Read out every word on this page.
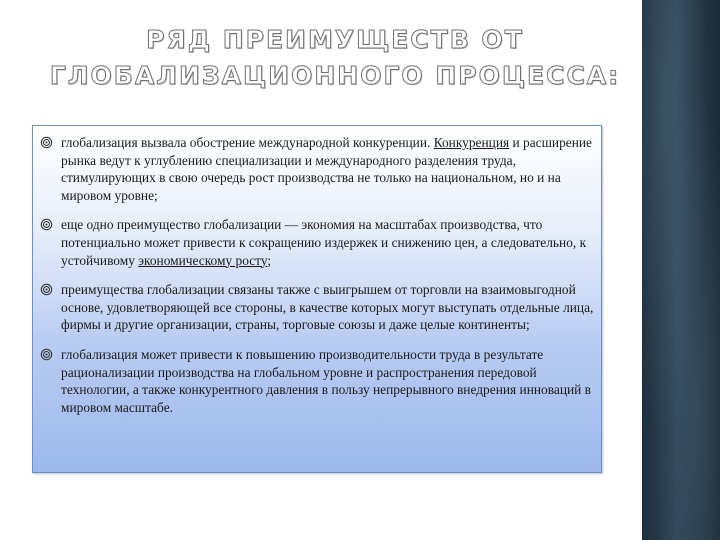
РЯД ПРЕИМУЩЕСТВ ОТ
ГЛОБАЛИЗАЦИОННОГО ПРОЦЕССА:
глобализация вызвала обострение международной конкуренции. Конкуренция и расширение рынка ведут к углублению специализации и международного разделения труда, стимулирующих в свою очередь рост производства не только на национальном, но и на мировом уровне;
еще одно преимущество глобализации — экономия на масштабах производства, что потенциально может привести к сокращению издержек и снижению цен, а следовательно, к устойчивому экономическому росту;
преимущества глобализации связаны также с выигрышем от торговли на взаимовыгодной основе, удовлетворяющей все стороны, в качестве которых могут выступать отдельные лица, фирмы и другие организации, страны, торговые союзы и даже целые континенты;
глобализация может привести к повышению производительности труда в результате рационализации производства на глобальном уровне и распространения передовой технологии, а также конкурентного давления в пользу непрерывного внедрения инноваций в мировом масштабе.
